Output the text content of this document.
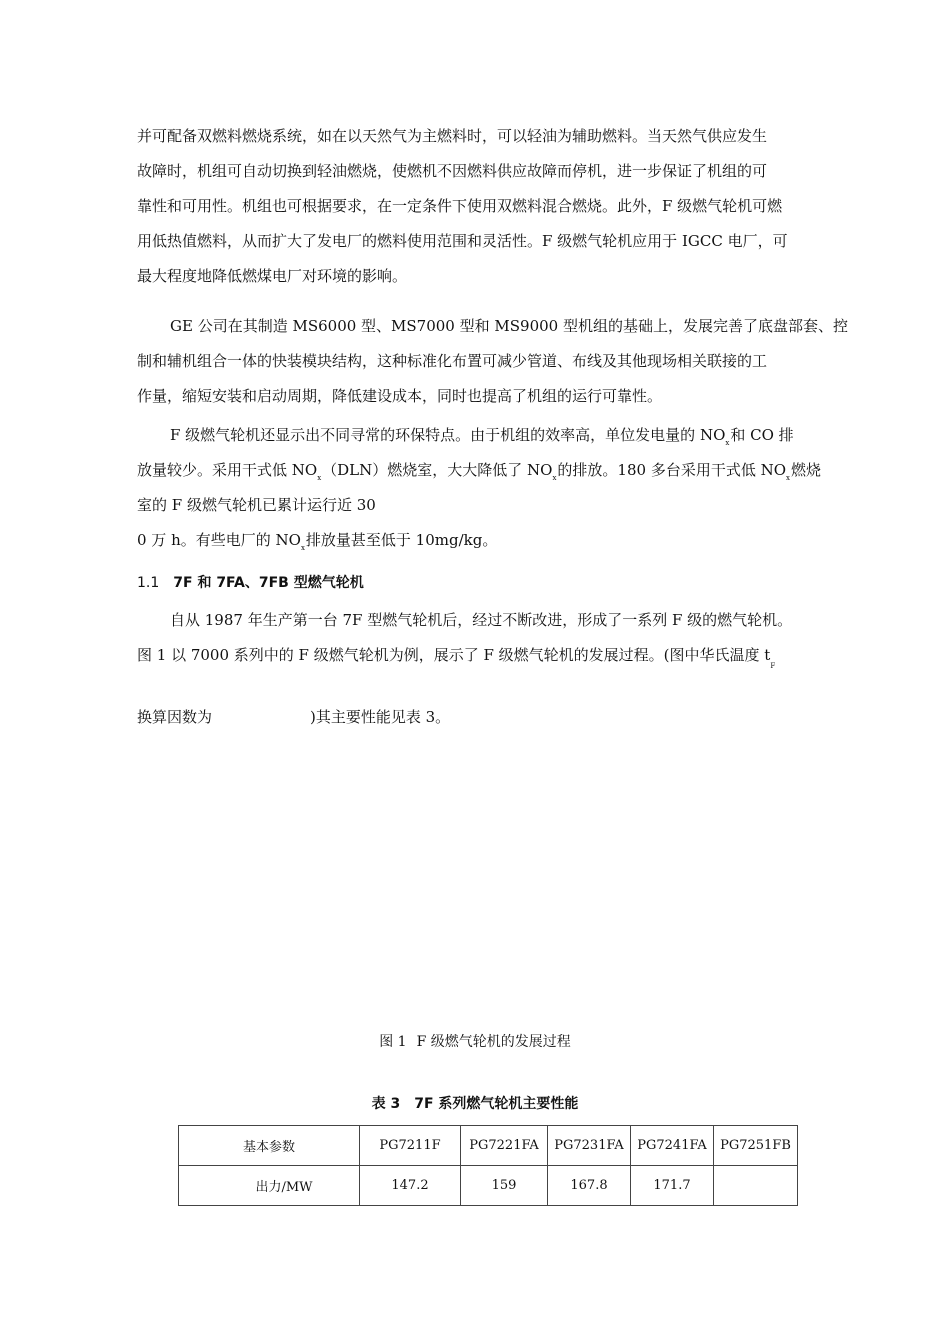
并可配备双燃料燃烧系统，如在以天然气为主燃料时，可以轻油为辅助燃料。当天然气供应发生
故障时，机组可自动切换到轻油燃烧，使燃机不因燃料供应故障而停机，进一步保证了机组的可
靠性和可用性。机组也可根据要求，在一定条件下使用双燃料混合燃烧。此外，F 级燃气轮机可燃
用低热值燃料，从而扩大了发电厂的燃料使用范围和灵活性。F 级燃气轮机应用于 IGCC 电厂，可
最大程度地降低燃煤电厂对环境的影响。
GE 公司在其制造 MS6000 型、MS7000 型和 MS9000 型机组的基础上，发展完善了底盘部套、控
制和辅机组合一体的快装模块结构，这种标准化布置可减少管道、布线及其他现场相关联接的工
作量，缩短安装和启动周期，降低建设成本，同时也提高了机组的运行可靠性。
F 级燃气轮机还显示出不同寻常的环保特点。由于机组的效率高，单位发电量的 $NO_x$和 CO 排
放量较少。采用干式低 $NO_x(DLN)$燃烧室，大大降低了 $NO_x$的排放。180 多台采用干式低 $NO_x$燃烧
室的 F 级燃气轮机已累计运行近 30
0 万 h。有些电厂的 $NO_x$排放量甚至低于 10mg/kg。
1.1 7F 和 7FA、7FB 型燃气轮机
自从 1987 年生产第一台 7F 型燃气轮机后，经过不断改进，形成了一系列 F 级的燃气轮机。
图 1 以 7000 系列中的 F 级燃气轮机为例，展示了 F 级燃气轮机的发展过程。(图中华氏温度 $t_F$
换算因数为	)其主要性能见表 3。
图 1 F 级燃气轮机的发展过程
表 3 7F 系列燃气轮机主要性能
基本参数	PG7211F	PG7221FA	PG7231FA	PG7241FA	PG7251FB
出力/MW	147.2	159	167.8	171.7	
